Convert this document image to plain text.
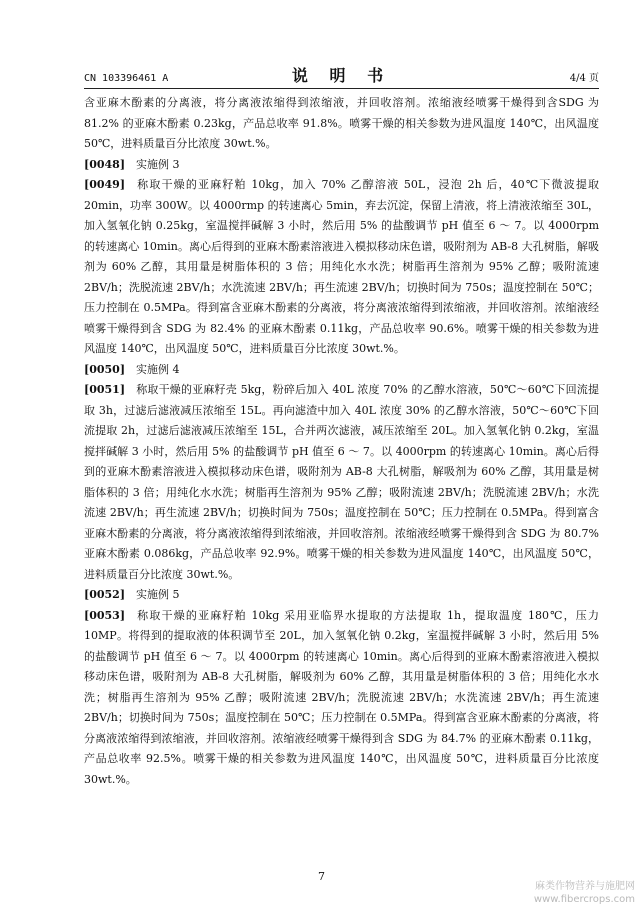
CN 103396461 A	说 明 书	4/4 页

含亚麻木酚素的分离液，将分离液浓缩得到浓缩液，并回收溶剂。浓缩液经喷雾干燥得到含SDG 为 81.2% 的亚麻木酚素 0.23kg，产品总收率 91.8%。喷雾干燥的相关参数为进风温度 140℃，出风温度 50℃，进料质量百分比浓度 30wt.%。

[0048] 实施例 3

[0049] 称取干燥的亚麻籽粕 10kg，加入 70% 乙醇溶液 50L，浸泡 2h 后，40℃下微波提取 20min，功率 300W。以 4000rmp 的转速离心 5min，弃去沉淀，保留上清液，将上清液浓缩至 30L，加入氢氧化钠 0.25kg，室温搅拌碱解 3 小时，然后用 5% 的盐酸调节 pH 值至 6 ～ 7。以 4000rpm 的转速离心 10min。离心后得到的亚麻木酚素溶液进入模拟移动床色谱，吸附剂为 AB-8 大孔树脂，解吸剂为 60% 乙醇，其用量是树脂体积的 3 倍；用纯化水水洗；树脂再生溶剂为 95% 乙醇；吸附流速 2BV/h；洗脱流速 2BV/h；水洗流速 2BV/h；再生流速 2BV/h；切换时间为 750s；温度控制在 50℃；压力控制在 0.5MPa。得到富含亚麻木酚素的分离液，将分离液浓缩得到浓缩液，并回收溶剂。浓缩液经喷雾干燥得到含 SDG 为 82.4% 的亚麻木酚素 0.11kg，产品总收率 90.6%。喷雾干燥的相关参数为进风温度 140℃，出风温度 50℃，进料质量百分比浓度 30wt.%。

[0050] 实施例 4

[0051] 称取干燥的亚麻籽壳 5kg，粉碎后加入 40L 浓度 70% 的乙醇水溶液，50℃～60℃下回流提取 3h，过滤后滤液减压浓缩至 15L。再向滤渣中加入 40L 浓度 30% 的乙醇水溶液，50℃～60℃下回流提取 2h，过滤后滤液减压浓缩至 15L，合并两次滤液，减压浓缩至 20L。加入氢氧化钠 0.2kg，室温搅拌碱解 3 小时，然后用 5% 的盐酸调节 pH 值至 6 ～ 7。以 4000rpm 的转速离心 10min。离心后得到的亚麻木酚素溶液进入模拟移动床色谱，吸附剂为 AB-8 大孔树脂，解吸剂为 60% 乙醇，其用量是树脂体积的 3 倍；用纯化水水洗；树脂再生溶剂为 95% 乙醇；吸附流速 2BV/h；洗脱流速 2BV/h；水洗流速 2BV/h；再生流速 2BV/h；切换时间为 750s；温度控制在 50℃；压力控制在 0.5MPa。得到富含亚麻木酚素的分离液，将分离液浓缩得到浓缩液，并回收溶剂。浓缩液经喷雾干燥得到含 SDG 为 80.7% 亚麻木酚素 0.086kg，产品总收率 92.9%。喷雾干燥的相关参数为进风温度 140℃，出风温度 50℃，进料质量百分比浓度 30wt.%。

[0052] 实施例 5

[0053] 称取干燥的亚麻籽粕 10kg 采用亚临界水提取的方法提取 1h，提取温度 180℃，压力 10MP。将得到的提取液的体积调节至 20L，加入氢氧化钠 0.2kg，室温搅拌碱解 3 小时，然后用 5% 的盐酸调节 pH 值至 6 ～ 7。以 4000rpm 的转速离心 10min。离心后得到的亚麻木酚素溶液进入模拟移动床色谱，吸附剂为 AB-8 大孔树脂，解吸剂为 60% 乙醇，其用量是树脂体积的 3 倍；用纯化水水洗；树脂再生溶剂为 95% 乙醇；吸附流速 2BV/h；洗脱流速 2BV/h；水洗流速 2BV/h；再生流速 2BV/h；切换时间为 750s；温度控制在 50℃；压力控制在 0.5MPa。得到富含亚麻木酚素的分离液，将分离液浓缩得到浓缩液，并回收溶剂。浓缩液经喷雾干燥得到含 SDG 为 84.7% 的亚麻木酚素 0.11kg，产品总收率 92.5%。喷雾干燥的相关参数为进风温度 140℃，出风温度 50℃，进料质量百分比浓度 30wt.%。

7
麻类作物营养与施肥网
www.fibercrops.com
